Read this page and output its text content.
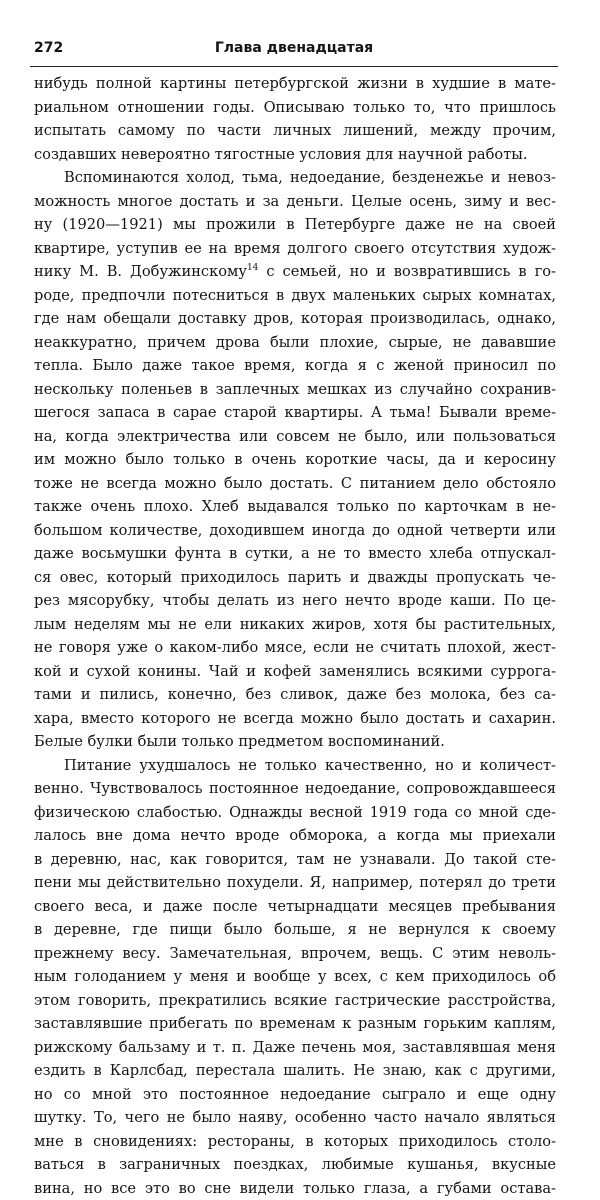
272	Глава двенадцатая
нибудь полной картины петербургской жизни в худшие в мате-
риальном отношении годы. Описываю только то, что пришлось
испытать самому по части личных лишений, между прочим,
создавших невероятно тягостные условия для научной работы.
Вспоминаются холод, тьма, недоедание, безденежье и невоз-
можность многое достать и за деньги. Целые осень, зиму и вес-
ну (1920—1921) мы прожили в Петербурге даже не на своей
квартире, уступив ее на время долгого своего отсутствия худож-
нику М. В. Добужинскому$^{14}$ с семьей, но и возвратившись в го-
роде, предпочли потесниться в двух маленьких сырых комнатах,
где нам обещали доставку дров, которая производилась, однако,
неаккуратно, причем дрова были плохие, сырые, не дававшие
тепла. Было даже такое время, когда я с женой приносил по
нескольку поленьев в заплечных мешках из случайно сохранив-
шегося запаса в сарае старой квартиры. А тьма! Бывали време-
на, когда электричества или совсем не было, или пользоваться
им можно было только в очень короткие часы, да и керосину
тоже не всегда можно было достать. С питанием дело обстояло
также очень плохо. Хлеб выдавался только по карточкам в не-
большом количестве, доходившем иногда до одной четверти или
даже восьмушки фунта в сутки, а не то вместо хлеба отпускал-
ся овес, который приходилось парить и дважды пропускать че-
рез мясорубку, чтобы делать из него нечто вроде каши. По це-
лым неделям мы не ели никаких жиров, хотя бы растительных,
не говоря уже о каком-либо мясе, если не считать плохой, жест-
кой и сухой конины. Чай и кофей заменялись всякими суррога-
тами и пились, конечно, без сливок, даже без молока, без са-
хара, вместо которого не всегда можно было достать и сахарин.
Белые булки были только предметом воспоминаний.
Питание ухудшалось не только качественно, но и количест-
венно. Чувствовалось постоянное недоедание, сопровождавшееся
физическою слабостью. Однажды весной 1919 года со мной сде-
лалось вне дома нечто вроде обморока, а когда мы приехали
в деревню, нас, как говорится, там не узнавали. До такой сте-
пени мы действительно похудели. Я, например, потерял до трети
своего веса, и даже после четырнадцати месяцев пребывания
в деревне, где пищи было больше, я не вернулся к своему
прежнему весу. Замечательная, впрочем, вещь. С этим неволь-
ным голоданием у меня и вообще у всех, с кем приходилось об
этом говорить, прекратились всякие гастрические расстройства,
заставлявшие прибегать по временам к разным горьким каплям,
рижскому бальзаму и т. п. Даже печень моя, заставлявшая меня
ездить в Карлсбад, перестала шалить. Не знаю, как с другими,
но со мной это постоянное недоедание сыграло и еще одну
шутку. То, чего не было наяву, особенно часто начало являться
мне в сновидениях: рестораны, в которых приходилось столо-
ваться в заграничных поездках, любимые кушанья, вкусные
вина, но все это во сне видели только глаза, а губами остава-
